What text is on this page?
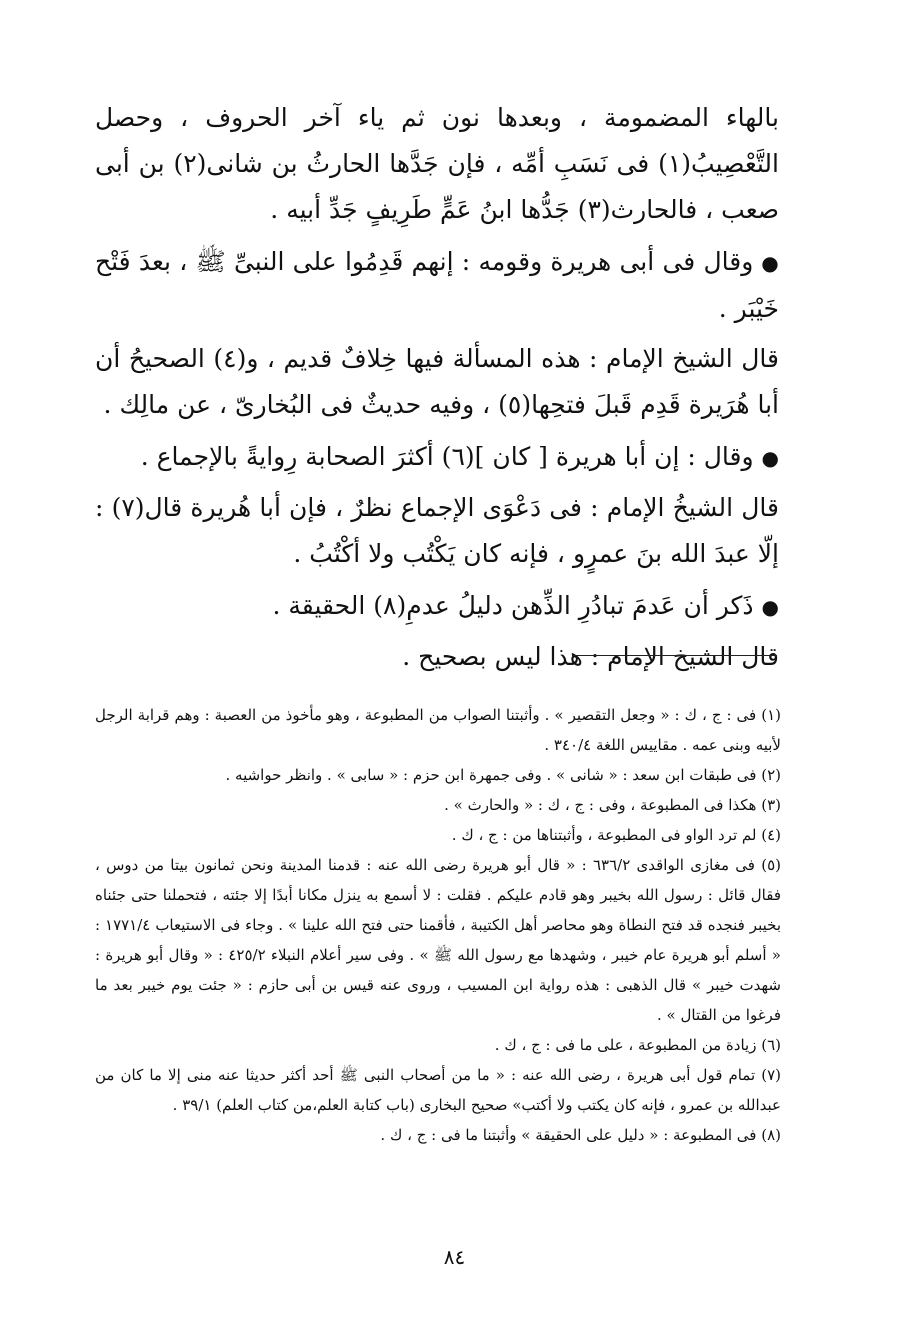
بالهاء المضمومة ، وبعدها نون ثم ياء آخر الحروف ، وحصل التَّعْصِيبُ(١) فى نَسَبِ أمِّه ، فإن جَدَّها الحارثُ بن شانى(٢) بن أبى صعب ، فالحارث(٣) جَدُّها ابنُ عَمٍّ طَرِيفٍ جَدِّ أبيه .

● وقال فى أبى هريرة وقومه : إنهم قَدِمُوا على النبىِّ ﷺ ، بعدَ فَتْح خَيْبَر .

قال الشيخ الإمام : هذه المسألة فيها خِلافٌ قديم ، و(٤) الصحيحُ أن أبا هُرَيرة قَدِم قَبلَ فتحِها(٥) ، وفيه حديثٌ فى البُخارىّ ، عن مالِك .

● وقال : إن أبا هريرة [ كان ](٦) أكثرَ الصحابة رِوايةً بالإجماع .

قال الشيخُ الإمام : فى دَعْوَى الإجماع نظرٌ ، فإن أبا هُريرة قال(٧) : إلّا عبدَ الله بنَ عمرٍو ، فإنه كان يَكْتُب ولا أكْتُبُ .

● ذَكر أن عَدمَ تبادُرِ الذِّهن دليلُ عدمِ(٨) الحقيقة .

قال الشيخ الإمام : هذا ليس بصحيح .

(١) فى : ج ، ك : « وجعل التقصير » . وأثبتنا الصواب من المطبوعة ، وهو مأخوذ من العصبة : وهم قرابة الرجل لأبيه وبنى عمه . مقاييس اللغة ٣٤٠/٤ .

(٢) فى طبقات ابن سعد : « شانى » . وفى جمهرة ابن حزم : « سابى » . وانظر حواشيه .

(٣) هكذا فى المطبوعة ، وفى : ج ، ك : « والحارث » .

(٤) لم ترد الواو فى المطبوعة ، وأثبتناها من : ج ، ك .

(٥) فى مغازى الواقدى ٦٣٦/٢ : « قال أبو هريرة رضى الله عنه : قدمنا المدينة ونحن ثمانون بيتا من دوس ، فقال قائل : رسول الله بخيبر وهو قادم عليكم . فقلت : لا أسمع به ينزل مكانا أبدًا إلا جئته ، فتحملنا حتى جئناه بخيبر فنجده قد فتح النطاة وهو محاصر أهل الكتيبة ، فأقمنا حتى فتح الله علينا » . وجاء فى الاستيعاب ١٧٧١/٤ : « أسلم أبو هريرة عام خيبر ، وشهدها مع رسول الله ﷺ » . وفى سير أعلام النبلاء ٤٢٥/٢ : « وقال أبو هريرة : شهدت خيبر » قال الذهبى : هذه رواية ابن المسيب ، وروى عنه قيس بن أبى حازم : « جئت يوم خيبر بعد ما فرغوا من القتال » .

(٦) زيادة من المطبوعة ، على ما فى : ج ، ك .

(٧) تمام قول أبى هريرة ، رضى الله عنه : « ما من أصحاب النبى ﷺ أحد أكثر حديثا عنه منى إلا ما كان من عبدالله بن عمرو ، فإنه كان يكتب ولا أكتب» صحيح البخارى (باب كتابة العلم،من كتاب العلم) ٣٩/١ .

(٨) فى المطبوعة : « دليل على الحقيقة » وأثبتنا ما فى : ج ، ك .

٨٤
